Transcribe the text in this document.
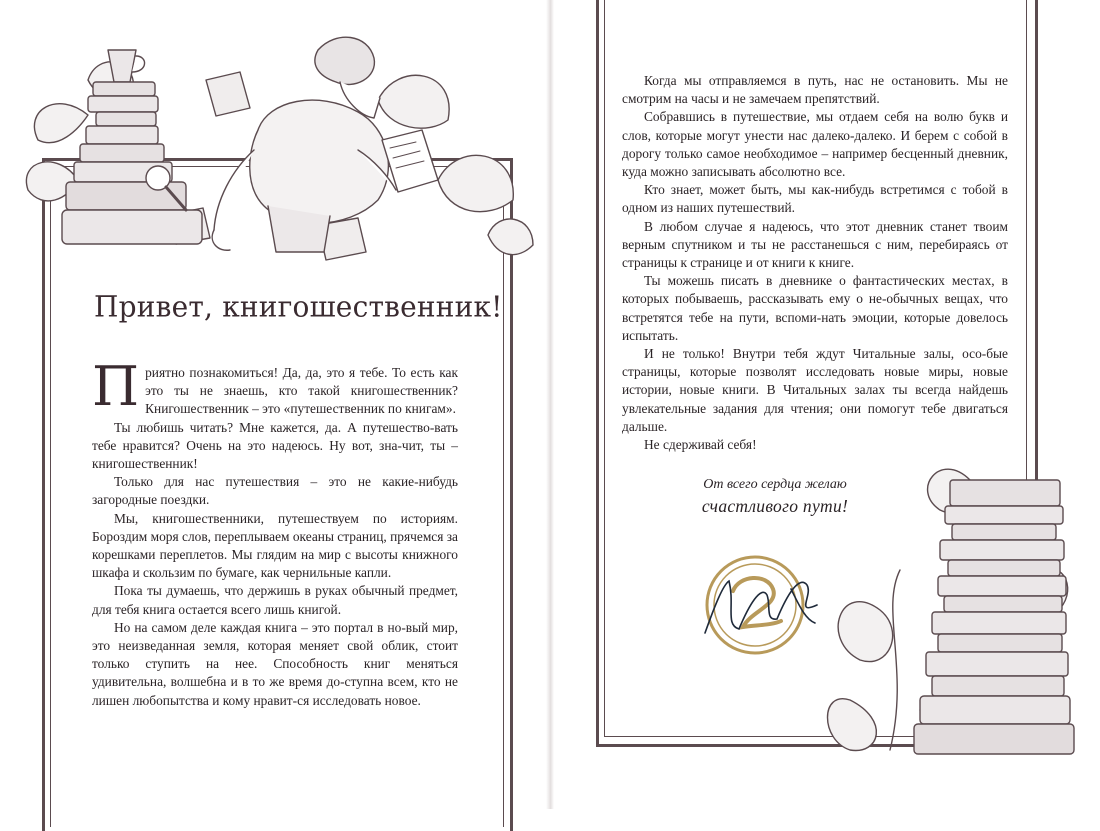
Привет, книгошественник!

Приятно познакомиться! Да, да, это я тебе. То есть как это ты не знаешь, кто такой книгошественник? Книгошественник – это «путешественник по книгам».

Ты любишь читать? Мне кажется, да. А путешество-вать тебе нравится? Очень на это надеюсь. Ну вот, зна-чит, ты – книгошественник!

Только для нас путешествия – это не какие-нибудь загородные поездки.

Мы, книгошественники, путешествуем по историям. Бороздим моря слов, переплываем океаны страниц, прячемся за корешками переплетов. Мы глядим на мир с высоты книжного шкафа и скользим по бумаге, как чернильные капли.

Пока ты думаешь, что держишь в руках обычный предмет, для тебя книга остается всего лишь книгой.

Но на самом деле каждая книга – это портал в но-вый мир, это неизведанная земля, которая меняет свой облик, стоит только ступить на нее. Способность книг меняться удивительна, волшебна и в то же время до-ступна всем, кто не лишен любопытства и кому нравит-ся исследовать новое.

Когда мы отправляемся в путь, нас не остановить. Мы не смотрим на часы и не замечаем препятствий.

Собравшись в путешествие, мы отдаем себя на волю букв и слов, которые могут унести нас далеко-далеко. И берем с собой в дорогу только самое необходимое – например бесценный дневник, куда можно записывать абсолютно все.

Кто знает, может быть, мы как-нибудь встретимся с тобой в одном из наших путешествий.

В любом случае я надеюсь, что этот дневник станет твоим верным спутником и ты не расстанешься с ним, перебираясь от страницы к странице и от книги к книге.

Ты можешь писать в дневнике о фантастических местах, в которых побываешь, рассказывать ему о не-обычных вещах, что встретятся тебе на пути, вспоми-нать эмоции, которые довелось испытать.

И не только! Внутри тебя ждут Читальные залы, осо-бые страницы, которые позволят исследовать новые миры, новые истории, новые книги. В Читальных залах ты всегда найдешь увлекательные задания для чтения; они помогут тебе двигаться дальше.

Не сдерживай себя!

От всего сердца желаю
счастливого пути!
